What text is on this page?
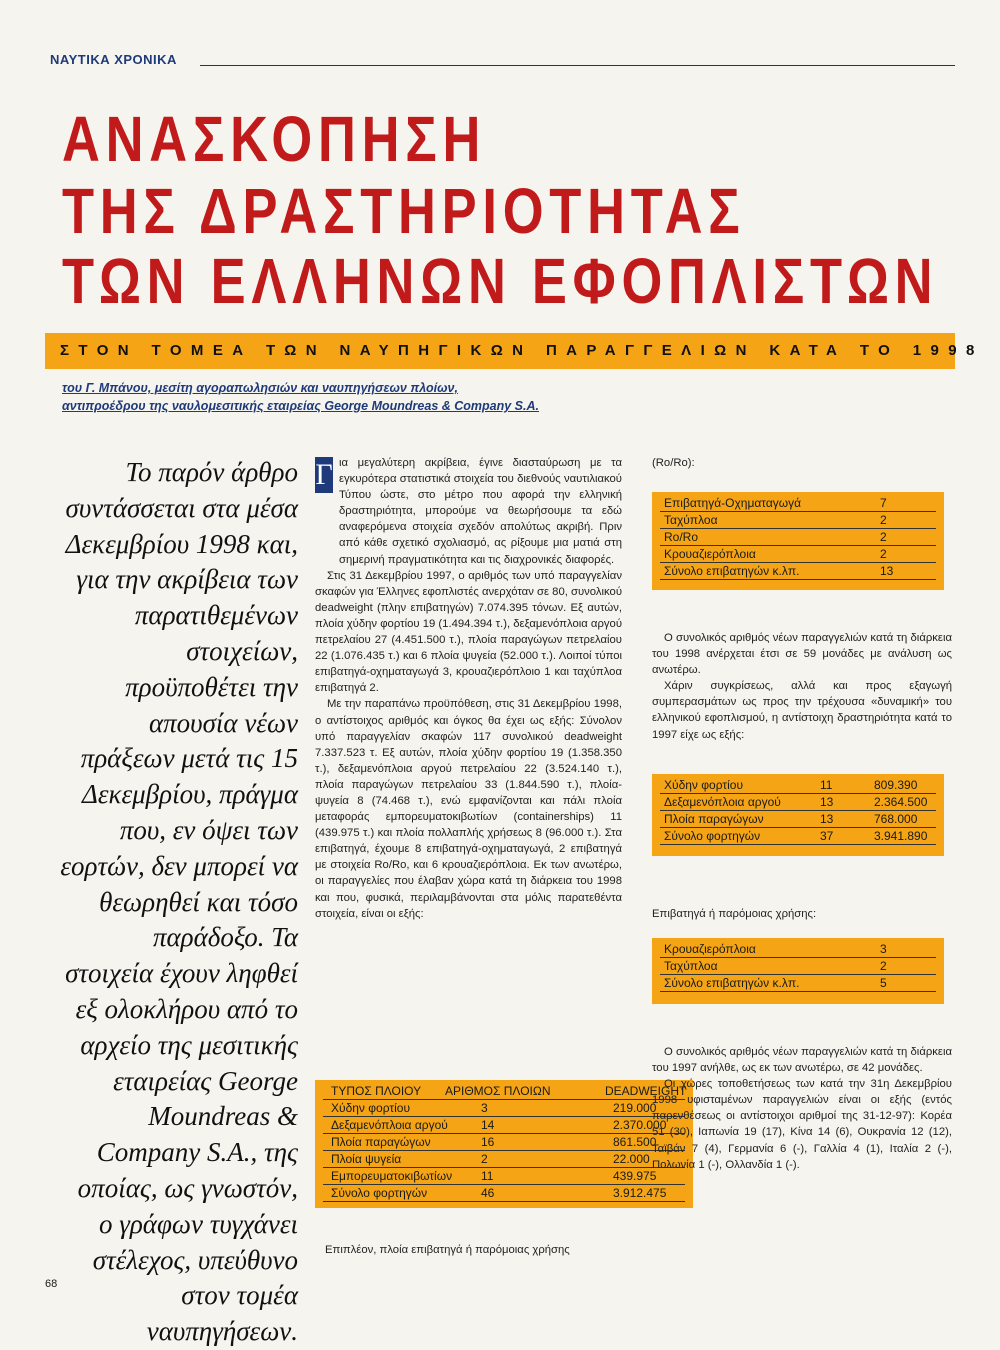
ΝΑΥΤΙΚΑ ΧΡΟΝΙΚΑ
ΑΝΑΣΚΟΠΗΣΗ
ΤΗΣ ΔΡΑΣΤΗΡΙΟΤΗΤΑΣ
ΤΩΝ ΕΛΛΗΝΩΝ ΕΦΟΠΛΙΣΤΩΝ
ΣΤΟΝ ΤΟΜΕΑ ΤΩΝ ΝΑΥΠΗΓΙΚΩΝ ΠΑΡΑΓΓΕΛΙΩΝ ΚΑΤΑ ΤΟ 1998
του Γ. Μπάνου, μεσίτη αγοραπωλησιών και ναυπηγήσεων πλοίων,
αντιπροέδρου της ναυλομεσιτικής εταιρείας George Moundreas & Company S.A.
Το παρόν άρθρο συντάσσεται στα μέσα Δεκεμβρίου 1998 και, για την ακρίβεια των παρατιθεμένων στοιχείων, προϋποθέτει την απουσία νέων πράξεων μετά τις 15 Δεκεμβρίου, πράγμα που, εν όψει των εορτών, δεν μπορεί να θεωρηθεί και τόσο παράδοξο. Τα στοιχεία έχουν ληφθεί εξ ολοκλήρου από το αρχείο της μεσιτικής εταιρείας George Moundreas & Company S.A., της οποίας, ως γνωστόν, ο γράφων τυγχάνει στέλεχος, υπεύθυνο στον τομέα ναυπηγήσεων.

ια μεγαλύτερη ακρίβεια, έγινε διασταύρωση με τα εγκυρότερα στατιστικά στοιχεία του διεθνούς ναυτιλιακού Τύπου ώστε, στο μέτρο που αφορά την ελληνική δραστηριότητα, μπορούμε να θεωρήσουμε τα εδώ αναφερόμενα στοιχεία σχεδόν απολύτως ακριβή. Πριν από κάθε σχετικό σχολιασμό, ας ρίξουμε μια ματιά στη σημερινή πραγματικότητα και τις διαχρονικές διαφορές.

Στις 31 Δεκεμβρίου 1997, ο αριθμός των υπό παραγγελίαν σκαφών για Έλληνες εφοπλιστές ανερχόταν σε 80, συνολικού deadweight (πλην επιβατηγών) 7.074.395 τόνων. Εξ αυτών, πλοία χύδην φορτίου 19 (1.494.394 τ.), δεξαμενόπλοια αργού πετρελαίου 27 (4.451.500 τ.), πλοία παραγώγων πετρελαίου 22 (1.076.435 τ.) και 6 πλοία ψυγεία (52.000 τ.). Λοιποί τύποι επιβατηγά-οχηματαγωγά 3, κρουαζιερόπλοιο 1 και ταχύπλοα επιβατηγά 2.

Με την παραπάνω προϋπόθεση, στις 31 Δεκεμβρίου 1998, ο αντίστοιχος αριθμός και όγκος θα έχει ως εξής: Σύνολον υπό παραγγελίαν σκαφών 117 συνολικού deadweight 7.337.523 τ. Εξ αυτών, πλοία χύδην φορτίου 19 (1.358.350 τ.), δεξαμενόπλοια αργού πετρελαίου 22 (3.524.140 τ.), πλοία παραγώγων πετρελαίου 33 (1.844.590 τ.), πλοία-ψυγεία 8 (74.468 τ.), ενώ εμφανίζονται και πάλι πλοία μεταφοράς εμπορευματοκιβωτίων (containerships) 11 (439.975 τ.) και πλοία πολλαπλής χρήσεως 8 (96.000 τ.). Στα επιβατηγά, έχουμε 8 επιβατηγά-οχηματαγωγά, 2 επιβατηγά με στοιχεία Ro/Ro, και 6 κρουαζιερόπλοια. Εκ των ανωτέρω, οι παραγγελίες που έλαβαν χώρα κατά τη διάρκεια του 1998 και που, φυσικά, περιλαμβάνονται στα μόλις παρατεθέντα στοιχεία, είναι οι εξής:

Γ
ΤΥΠΟΣ ΠΛΟΙΟΥ ΑΡΙΘΜΟΣ ΠΛΟΙΩΝ	DEADWEIGHT
Χύδην φορτίου	3	219.000
Δεξαμενόπλοια αργού	14	2.370.000
Πλοία παραγώγων	16	861.500
Πλοία ψυγεία	2	22.000
Εμπορευματοκιβωτίων 11	439.975
Σύνολο φορτηγών	46	3.912.475
Επιπλέον, πλοία επιβατηγά ή παρόμοιας χρήσης
(Ro/Ro):
Επιβατηγά-Οχηματαγωγά	7
Ταχύπλοα	2
Ro/Ro	2
Κρουαζιερόπλοια	2
Σύνολο επιβατηγών κ.λπ.	13

Ο συνολικός αριθμός νέων παραγγελιών κατά τη διάρκεια του 1998 ανέρχεται έτσι σε 59 μονάδες με ανάλυση ως ανωτέρω.

Χάριν συγκρίσεως, αλλά και προς εξαγωγή συμπερασμάτων ως προς την τρέχουσα «δυναμική» του ελληνικού εφοπλισμού, η αντίστοιχη δραστηριότητα κατά το 1997 είχε ως εξής:

Χύδην φορτίου	11	809.390
Δεξαμενόπλοια αργού	13	2.364.500
Πλοία παραγώγων	13	768.000
Σύνολο φορτηγών	37	3.941.890
Επιβατηγά ή παρόμοιας χρήσης:
Κρουαζιερόπλοια	3
Ταχύπλοα	2
Σύνολο επιβατηγών κ.λπ.	5

Ο συνολικός αριθμός νέων παραγγελιών κατά τη διάρκεια του 1997 ανήλθε, ως εκ των ανωτέρω, σε 42 μονάδες.

Οι χώρες τοποθετήσεως των κατά την 31η Δεκεμβρίου 1998 υφισταμένων παραγγελιών είναι οι εξής (εντός παρενθέσεως οι αντίστοιχοι αριθμοί της 31-12-97): Κορέα 51 (30), Ιαπωνία 19 (17), Κίνα 14 (6), Ουκρανία 12 (12), Ταϊβάν 7 (4), Γερμανία 6 (-), Γαλλία 4 (1), Ιταλία 2 (-), Πολωνία 1 (-), Ολλανδία 1 (-).

68
